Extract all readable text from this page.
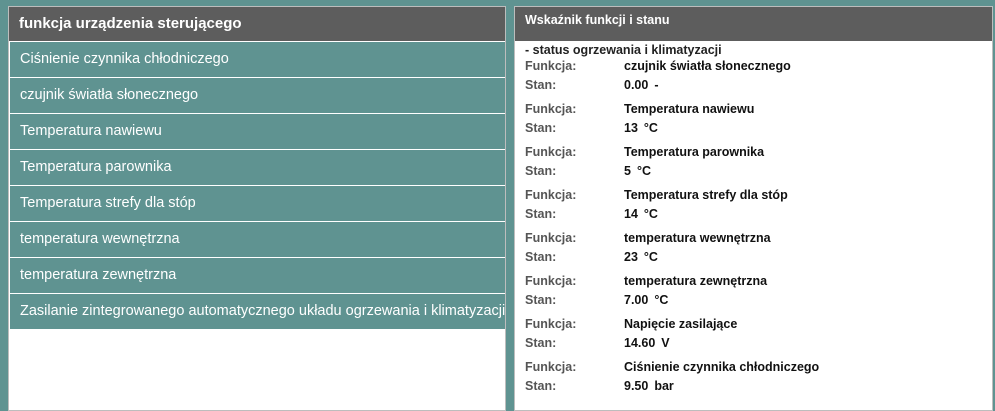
funkcja urządzenia sterującego
Ciśnienie czynnika chłodniczego
czujnik światła słonecznego
Temperatura nawiewu
Temperatura parownika
Temperatura strefy dla stóp
temperatura wewnętrzna
temperatura zewnętrzna
Zasilanie zintegrowanego automatycznego układu ogrzewania i klimatyzacji
Wskaźnik funkcji i stanu
- status ogrzewania i klimatyzacji
Funkcja:	czujnik światła słonecznego
Stan:	0.00 -
Funkcja:	Temperatura nawiewu
Stan:	13 °C
Funkcja:	Temperatura parownika
Stan:	5 °C
Funkcja:	Temperatura strefy dla stóp
Stan:	14 °C
Funkcja:	temperatura wewnętrzna
Stan:	23 °C
Funkcja:	temperatura zewnętrzna
Stan:	7.00 °C
Funkcja:	Napięcie zasilające
Stan:	14.60 V
Funkcja:	Ciśnienie czynnika chłodniczego
Stan:	9.50 bar
